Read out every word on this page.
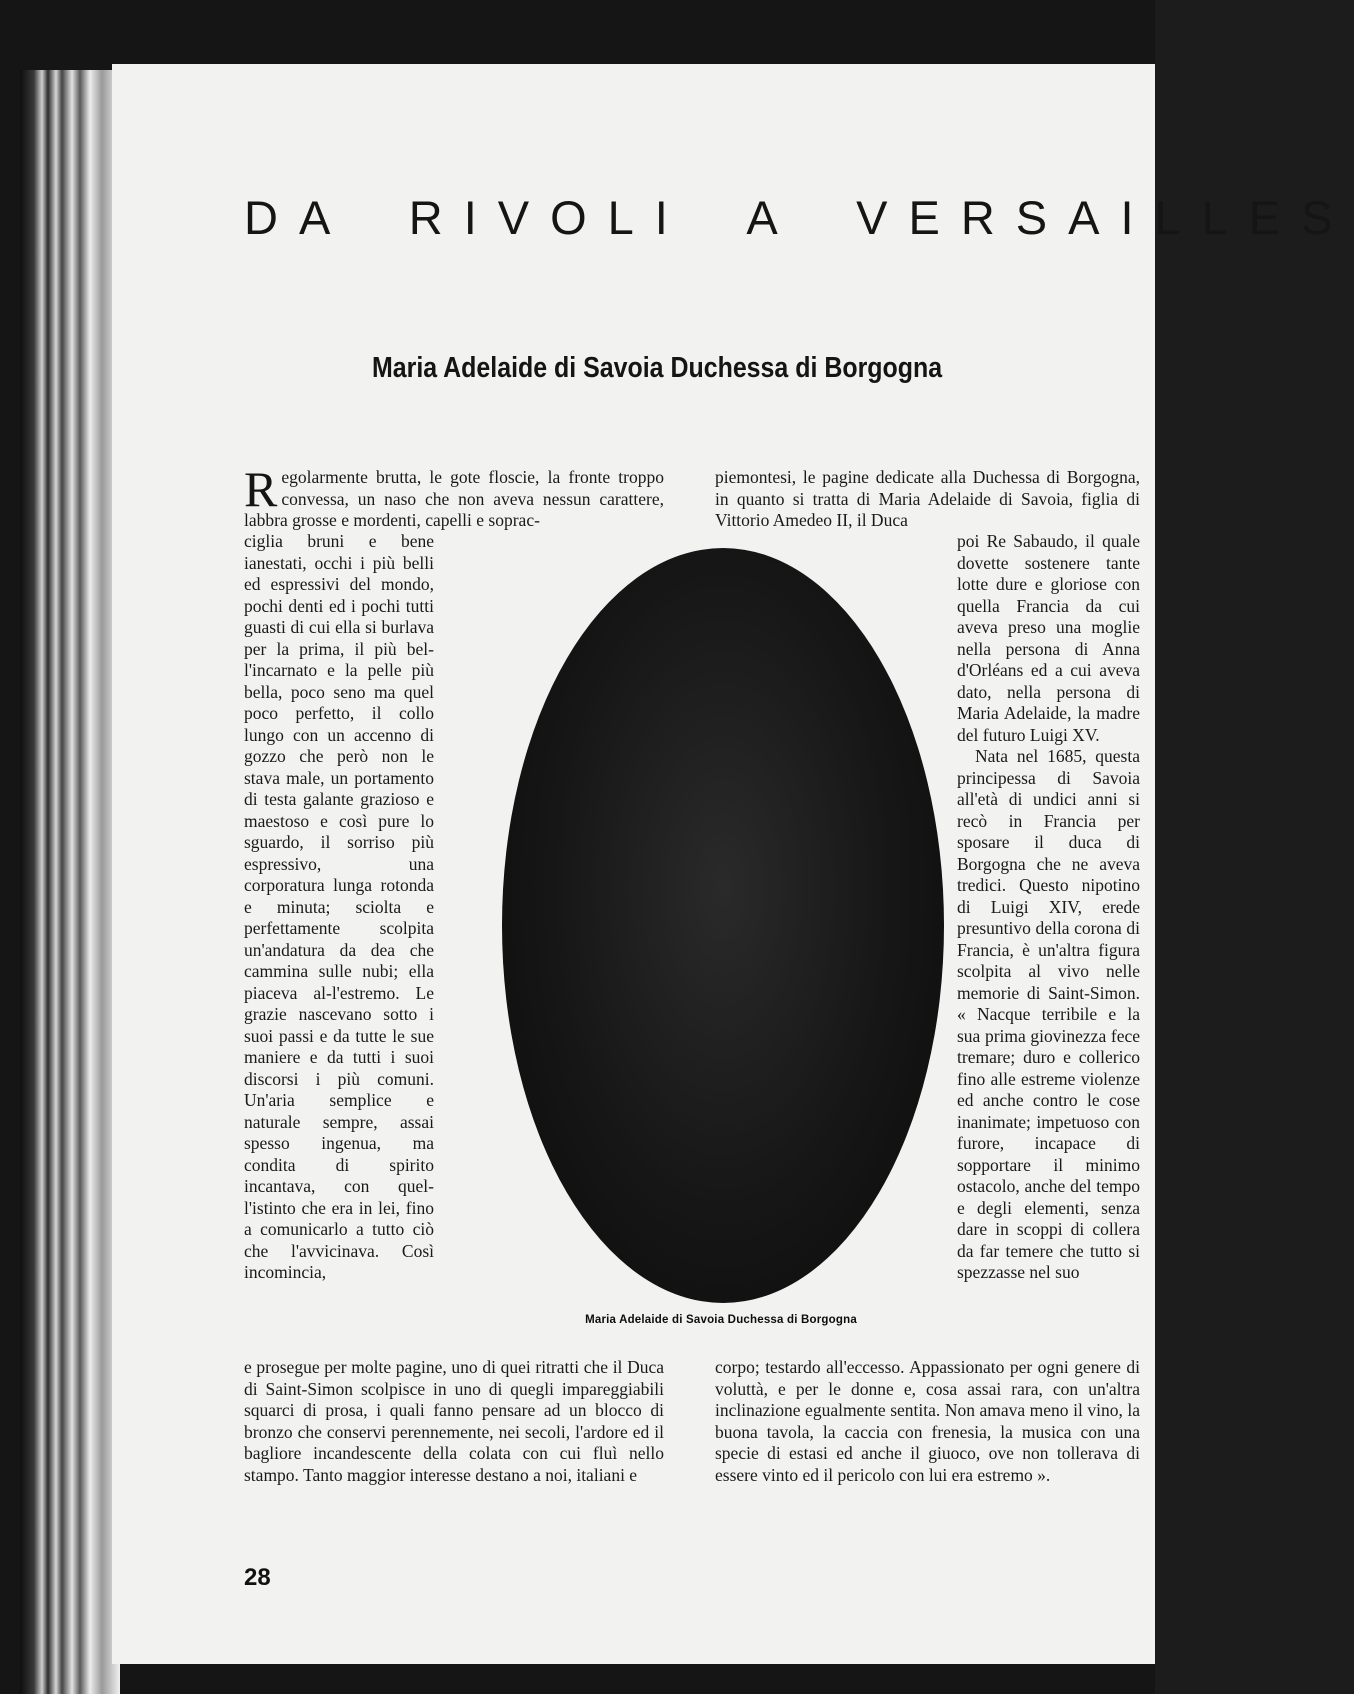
DA RIVOLI A VERSAILLES
Maria Adelaide di Savoia Duchessa di Borgogna

Regolarmente brutta, le gote floscie, la fronte troppo convessa, un naso che non aveva nessun carattere, labbra grosse e mordenti, capelli e soprac-

ciglia bruni e bene ianestati, occhi i più belli ed espressivi del mondo, pochi denti ed i pochi tutti guasti di cui ella si burlava per la prima, il più bel-l'incarnato e la pelle più bella, poco seno ma quel poco perfetto, il collo lungo con un accenno di gozzo che però non le stava male, un portamento di testa galante grazioso e maestoso e così pure lo sguardo, il sorriso più espressivo, una corporatura lunga rotonda e minuta; sciolta e perfettamente scolpita un'andatura da dea che cammina sulle nubi; ella piaceva al-l'estremo. Le grazie nascevano sotto i suoi passi e da tutte le sue maniere e da tutti i suoi discorsi i più comuni. Un'aria semplice e naturale sempre, assai spesso ingenua, ma condita di spirito incantava, con quel-l'istinto che era in lei, fino a comunicarlo a tutto ciò che l'avvicinava. Così incomincia,

e prosegue per molte pagine, uno di quei ritratti che il Duca di Saint-Simon scolpisce in uno di quegli impareggiabili squarci di prosa, i quali fanno pensare ad un blocco di bronzo che conservi perennemente, nei secoli, l'ardore ed il bagliore incandescente della colata con cui fluì nello stampo. Tanto maggior interesse destano a noi, italiani e

piemontesi, le pagine dedicate alla Duchessa di Borgogna, in quanto si tratta di Maria Adelaide di Savoia, figlia di Vittorio Amedeo II, il Duca

poi Re Sabaudo, il quale dovette sostenere tante lotte dure e gloriose con quella Francia da cui aveva preso una moglie nella persona di Anna d'Orléans ed a cui aveva dato, nella persona di Maria Adelaide, la madre del futuro Luigi XV.

Nata nel 1685, questa principessa di Savoia all'età di undici anni si recò in Francia per sposare il duca di Borgogna che ne aveva tredici. Questo nipotino di Luigi XIV, erede presuntivo della corona di Francia, è un'altra figura scolpita al vivo nelle memorie di Saint-Simon. « Nacque terribile e la sua prima giovinezza fece tremare; duro e collerico fino alle estreme violenze ed anche contro le cose inanimate; impetuoso con furore, incapace di sopportare il minimo ostacolo, anche del tempo e degli elementi, senza dare in scoppi di collera da far temere che tutto si spezzasse nel suo

corpo; testardo all'eccesso. Appassionato per ogni genere di voluttà, e per le donne e, cosa assai rara, con un'altra inclinazione egualmente sentita. Non amava meno il vino, la buona tavola, la caccia con frenesia, la musica con una specie di estasi ed anche il giuoco, ove non tollerava di essere vinto ed il pericolo con lui era estremo ».

Maria Adelaide di Savoia Duchessa di Borgogna
28
